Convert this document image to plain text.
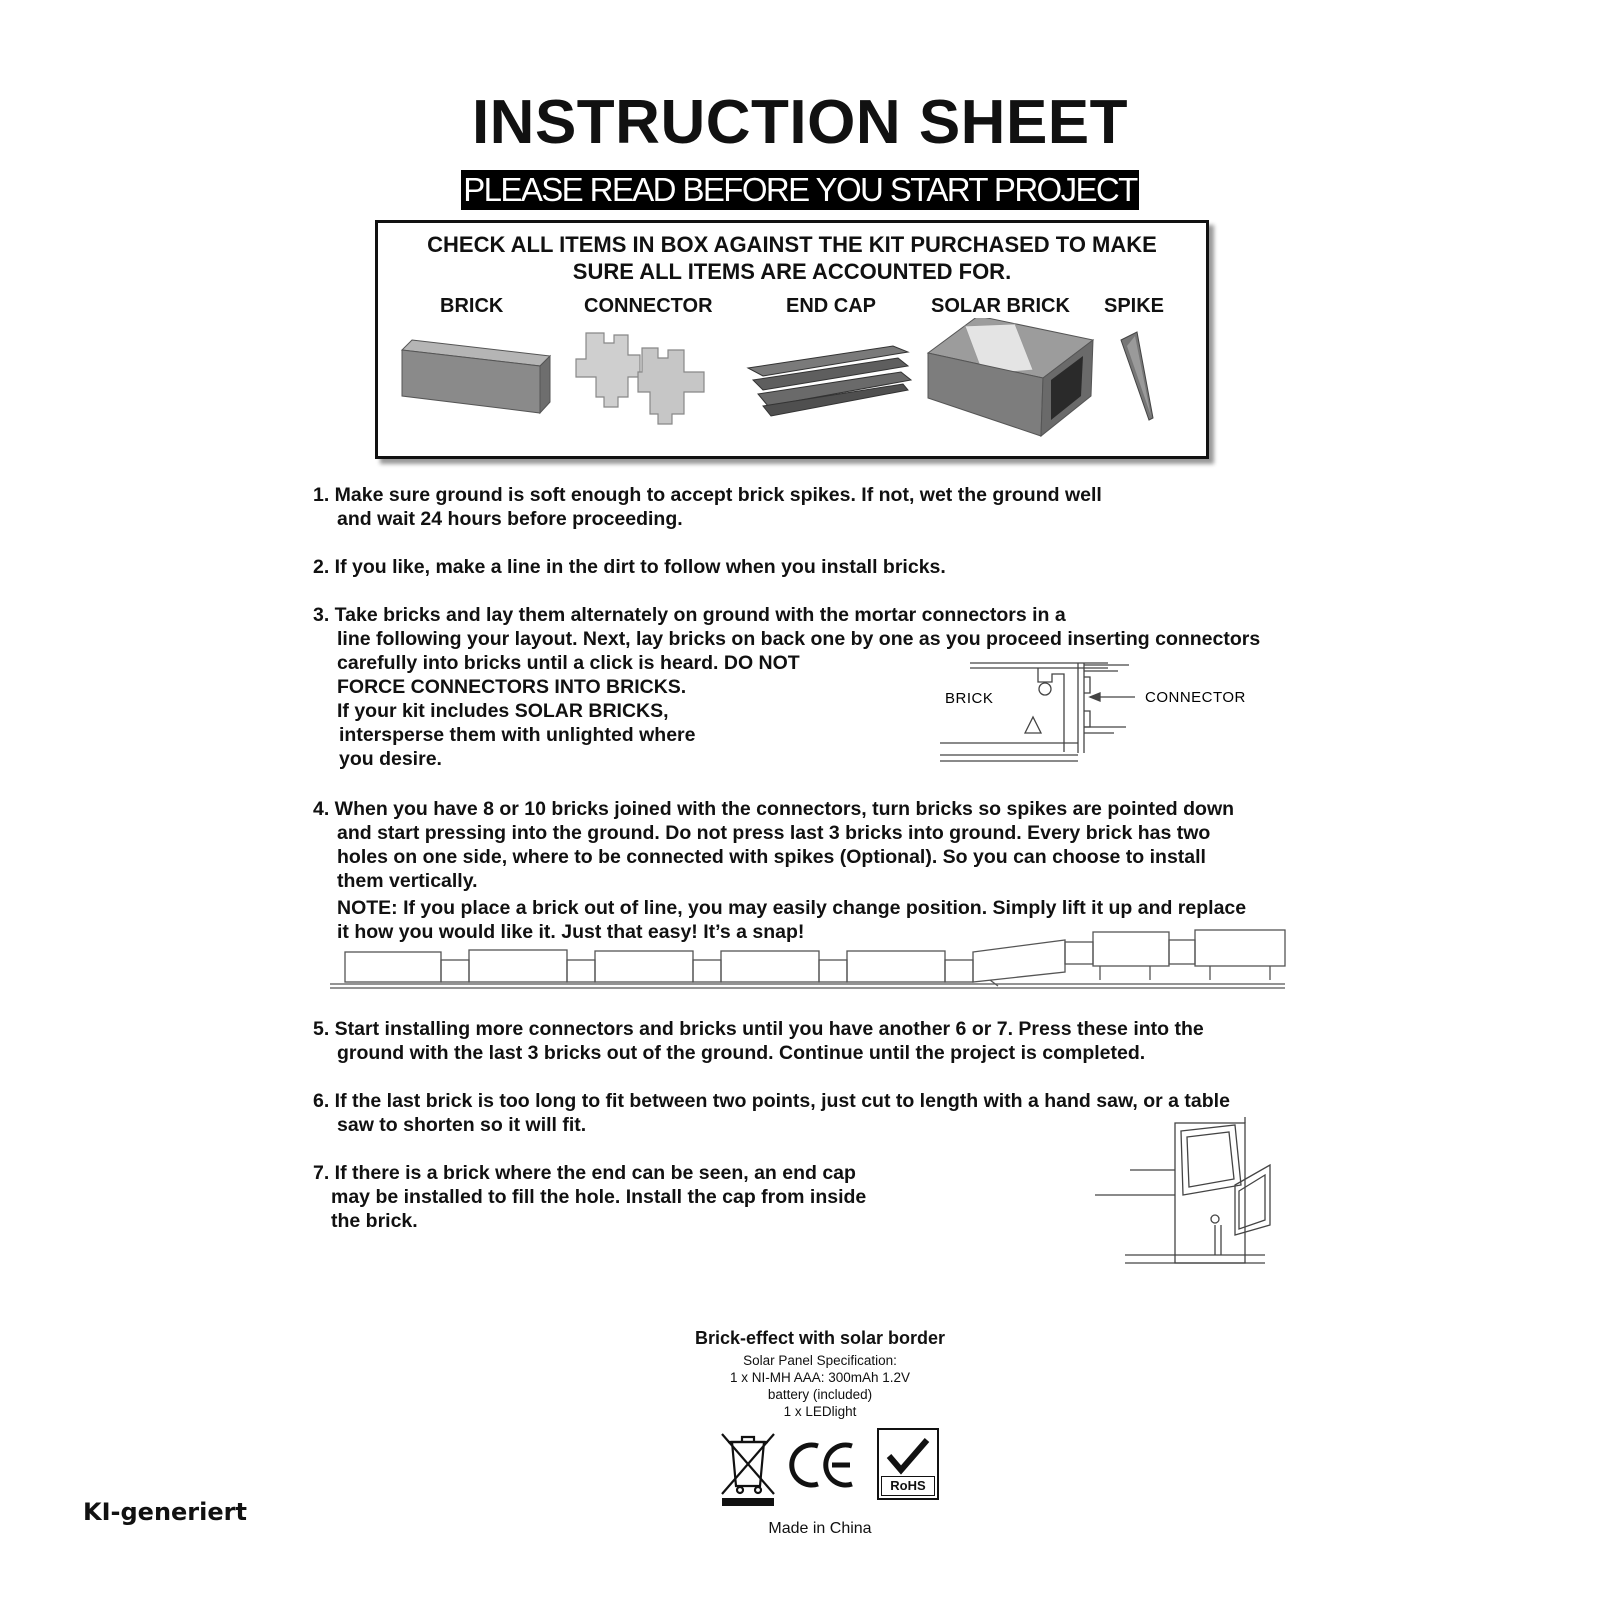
INSTRUCTION SHEET
PLEASE READ BEFORE YOU START PROJECT
CHECK ALL ITEMS IN BOX AGAINST THE KIT PURCHASED TO MAKE
SURE ALL ITEMS ARE ACCOUNTED FOR.
BRICK	CONNECTOR	END CAP	SOLAR BRICK SPIKE

1. Make sure ground is soft enough to accept brick spikes. If not, wet the ground well

and wait 24 hours before proceeding.

2. If you like, make a line in the dirt to follow when you install bricks.

3. Take bricks and lay them alternately on ground with the mortar connectors in a

line following your layout. Next, lay bricks on back one by one as you proceed inserting connectors

carefully into bricks until a click is heard. DO NOT

FORCE CONNECTORS INTO BRICKS.

If your kit includes SOLAR BRICKS,

intersperse them with unlighted where

you desire.

BRICK	CONNECTOR

4. When you have 8 or 10 bricks joined with the connectors, turn bricks so spikes are pointed down

and start pressing into the ground. Do not press last 3 bricks into ground. Every brick has two

holes on one side, where to be connected with spikes (Optional). So you can choose to install

them vertically.

NOTE: If you place a brick out of line, you may easily change position. Simply lift it up and replace

it how you would like it. Just that easy! It’s a snap!

5. Start installing more connectors and bricks until you have another 6 or 7. Press these into the

ground with the last 3 bricks out of the ground. Continue until the project is completed.

6. If the last brick is too long to fit between two points, just cut to length with a hand saw, or a table

saw to shorten so it will fit.

7. If there is a brick where the end can be seen, an end cap

may be installed to fill the hole. Install the cap from inside

the brick.

Brick-effect with solar border
Solar Panel Specification:
1 x NI-MH AAA: 300mAh 1.2V
battery (included)
1 x LEDlight
RoHS
Made in China
KI-generiert
